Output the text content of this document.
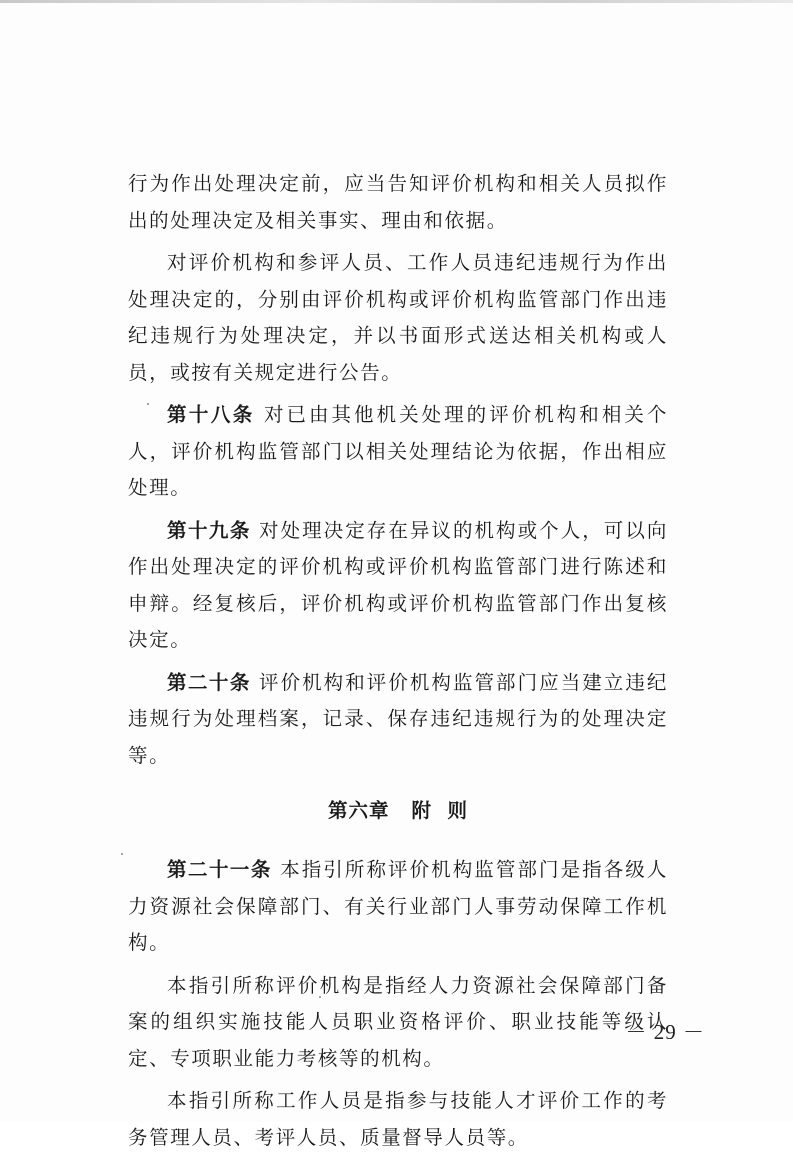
行为作出处理决定前，应当告知评价机构和相关人员拟作出的处理决定及相关事实、理由和依据。

对评价机构和参评人员、工作人员违纪违规行为作出处理决定的，分别由评价机构或评价机构监管部门作出违纪违规行为处理决定，并以书面形式送达相关机构或人员，或按有关规定进行公告。

第十八条 对已由其他机关处理的评价机构和相关个人，评价机构监管部门以相关处理结论为依据，作出相应处理。

第十九条 对处理决定存在异议的机构或个人，可以向作出处理决定的评价机构或评价机构监管部门进行陈述和申辩。经复核后，评价机构或评价机构监管部门作出复核决定。

第二十条 评价机构和评价机构监管部门应当建立违纪违规行为处理档案，记录、保存违纪违规行为的处理决定等。

第六章 附  则

第二十一条 本指引所称评价机构监管部门是指各级人力资源社会保障部门、有关行业部门人事劳动保障工作机构。

本指引所称评价机构是指经人力资源社会保障部门备案的组织实施技能人员职业资格评价、职业技能等级认定、专项职业能力考核等的机构。

本指引所称工作人员是指参与技能人才评价工作的考务管理人员、考评人员、质量督导人员等。

－ 29 －
